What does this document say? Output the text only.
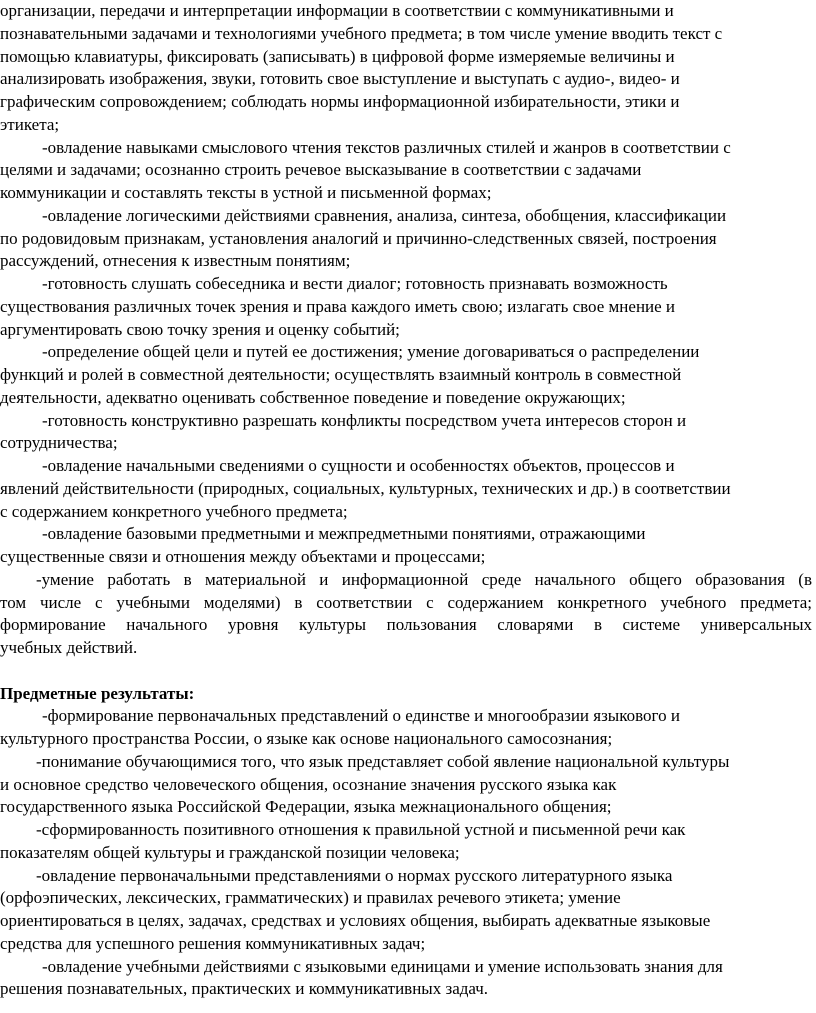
организации, передачи и интерпретации информации в соответствии с коммуникативными и
познавательными задачами и технологиями учебного предмета; в том числе умение вводить текст с
помощью клавиатуры, фиксировать (записывать) в цифровой форме измеряемые величины и
анализировать изображения, звуки, готовить свое выступление и выступать с аудио-, видео- и
графическим сопровождением; соблюдать нормы информационной избирательности, этики и
этикета;
-овладение навыками смыслового чтения текстов различных стилей и жанров в соответствии с
целями и задачами; осознанно строить речевое высказывание в соответствии с задачами
коммуникации и составлять тексты в устной и письменной формах;
-овладение логическими действиями сравнения, анализа, синтеза, обобщения, классификации
по родовидовым признакам, установления аналогий и причинно-следственных связей, построения
рассуждений, отнесения к известным понятиям;
-готовность слушать собеседника и вести диалог; готовность признавать возможность
существования различных точек зрения и права каждого иметь свою; излагать свое мнение и
аргументировать свою точку зрения и оценку событий;
-определение общей цели и путей ее достижения; умение договариваться о распределении
функций и ролей в совместной деятельности; осуществлять взаимный контроль в совместной
деятельности, адекватно оценивать собственное поведение и поведение окружающих;
-готовность конструктивно разрешать конфликты посредством учета интересов сторон и
сотрудничества;
-овладение начальными сведениями о сущности и особенностях объектов, процессов и
явлений действительности (природных, социальных, культурных, технических и др.) в соответствии
с содержанием конкретного учебного предмета;
-овладение базовыми предметными и межпредметными понятиями, отражающими
существенные связи и отношения между объектами и процессами;
-умение работать в материальной и информационной среде начального общего образования (в
том числе с учебными моделями) в соответствии с содержанием конкретного учебного предмета;
формирование начального уровня культуры пользования словарями в системе универсальных
учебных действий.
Предметные результаты:
-формирование первоначальных представлений о единстве и многообразии языкового и
культурного пространства России, о языке как основе национального самосознания;
-понимание обучающимися того, что язык представляет собой явление национальной культуры
и основное средство человеческого общения, осознание значения русского языка как
государственного языка Российской Федерации, языка межнационального общения;
-сформированность позитивного отношения к правильной устной и письменной речи как
показателям общей культуры и гражданской позиции человека;
-овладение первоначальными представлениями о нормах русского литературного языка
(орфоэпических, лексических, грамматических) и правилах речевого этикета; умение
ориентироваться в целях, задачах, средствах и условиях общения, выбирать адекватные языковые
средства для успешного решения коммуникативных задач;
-овладение учебными действиями с языковыми единицами и умение использовать знания для
решения познавательных, практических и коммуникативных задач.
